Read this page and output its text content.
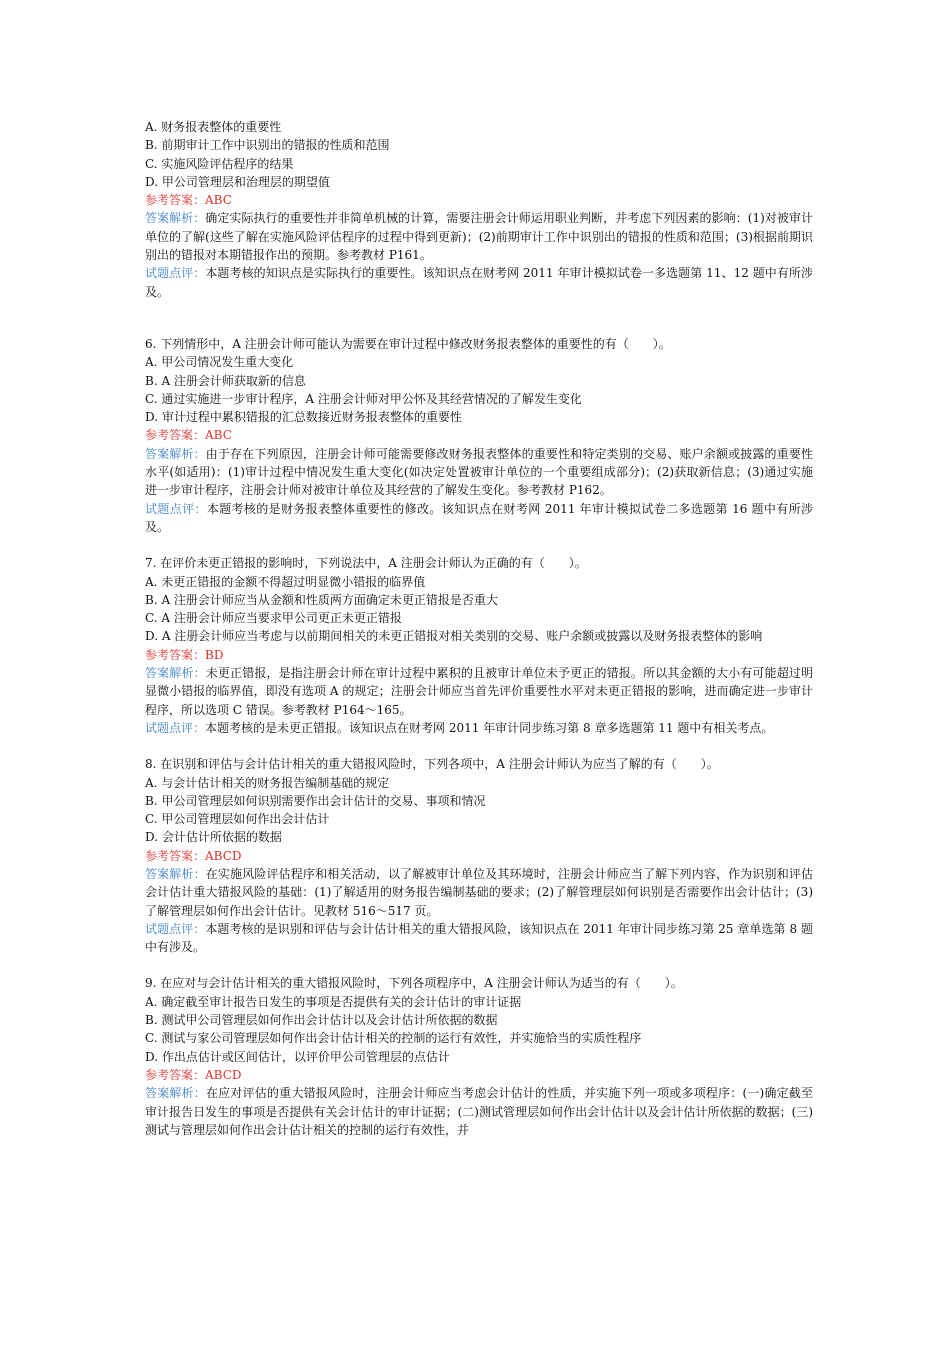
A. 财务报表整体的重要性

B. 前期审计工作中识别出的错报的性质和范围

C. 实施风险评估程序的结果

D. 甲公司管理层和治理层的期望值

参考答案：ABC

答案解析：确定实际执行的重要性并非简单机械的计算，需要注册会计师运用职业判断，并考虑下列因素的影响：(1)对被审计单位的了解(这些了解在实施风险评估程序的过程中得到更新)；(2)前期审计工作中识别出的错报的性质和范围；(3)根据前期识别出的错报对本期错报作出的预期。参考教材 P161。

试题点评：本题考核的知识点是实际执行的重要性。该知识点在财考网 2011 年审计模拟试卷一多选题第 11、12 题中有所涉及。

6. 下列情形中，A 注册会计师可能认为需要在审计过程中修改财务报表整体的重要性的有（　　）。

A. 甲公司情况发生重大变化

B. A 注册会计师获取新的信息

C. 通过实施进一步审计程序，A 注册会计师对甲公怀及其经营情况的了解发生变化

D. 审计过程中累积错报的汇总数接近财务报表整体的重要性

参考答案：ABC

答案解析：由于存在下列原因，注册会计师可能需要修改财务报表整体的重要性和特定类别的交易、账户余额或披露的重要性水平(如适用)：(1)审计过程中情况发生重大变化(如决定处置被审计单位的一个重要组成部分)；(2)获取新信息；(3)通过实施进一步审计程序，注册会计师对被审计单位及其经营的了解发生变化。参考教材 P162。

试题点评：本题考核的是财务报表整体重要性的修改。该知识点在财考网 2011 年审计模拟试卷二多选题第 16 题中有所涉及。

7. 在评价未更正错报的影响时，下列说法中，A 注册会计师认为正确的有（　　）。

A. 未更正错报的金额不得超过明显微小错报的临界值

B. A 注册会计师应当从金额和性质两方面确定未更正错报是否重大

C. A 注册会计师应当要求甲公司更正未更正错报

D. A 注册会计师应当考虑与以前期间相关的未更正错报对相关类别的交易、账户余额或披露以及财务报表整体的影响

参考答案：BD

答案解析：未更正错报，是指注册会计师在审计过程中累积的且被审计单位未予更正的错报。所以其金额的大小有可能超过明显微小错报的临界值，即没有选项 A 的规定；注册会计师应当首先评价重要性水平对未更正错报的影响，进而确定进一步审计程序，所以选项 C 错误。参考教材 P164～165。

试题点评：本题考核的是未更正错报。该知识点在财考网 2011 年审计同步练习第 8 章多选题第 11 题中有相关考点。

8. 在识别和评估与会计估计相关的重大错报风险时，下列各项中，A 注册会计师认为应当了解的有（　　）。

A. 与会计估计相关的财务报告编制基础的规定

B. 甲公司管理层如何识别需要作出会计估计的交易、事项和情况

C. 甲公司管理层如何作出会计估计

D. 会计估计所依据的数据

参考答案：ABCD

答案解析：在实施风险评估程序和相关活动，以了解被审计单位及其环境时，注册会计师应当了解下列内容，作为识别和评估会计估计重大错报风险的基础：(1)了解适用的财务报告编制基础的要求；(2)了解管理层如何识别是否需要作出会计估计；(3)了解管理层如何作出会计估计。见教材 516～517 页。

试题点评：本题考核的是识别和评估与会计估计相关的重大错报风险，该知识点在 2011 年审计同步练习第 25 章单选第 8 题中有涉及。

9. 在应对与会计估计相关的重大错报风险时，下列各项程序中，A 注册会计师认为适当的有（　　）。

A. 确定截至审计报告日发生的事项是否提供有关的会计估计的审计证据

B. 测试甲公司管理层如何作出会计估计以及会计估计所依据的数据

C. 测试与家公司管理层如何作出会计估计相关的控制的运行有效性，并实施恰当的实质性程序

D. 作出点估计或区间估计，以评价甲公司管理层的点估计

参考答案：ABCD

答案解析：在应对评估的重大错报风险时，注册会计师应当考虑会计估计的性质，并实施下列一项或多项程序：(一)确定截至审计报告日发生的事项是否提供有关会计估计的审计证据；(二)测试管理层如何作出会计估计以及会计估计所依据的数据；(三)测试与管理层如何作出会计估计相关的控制的运行有效性，并
